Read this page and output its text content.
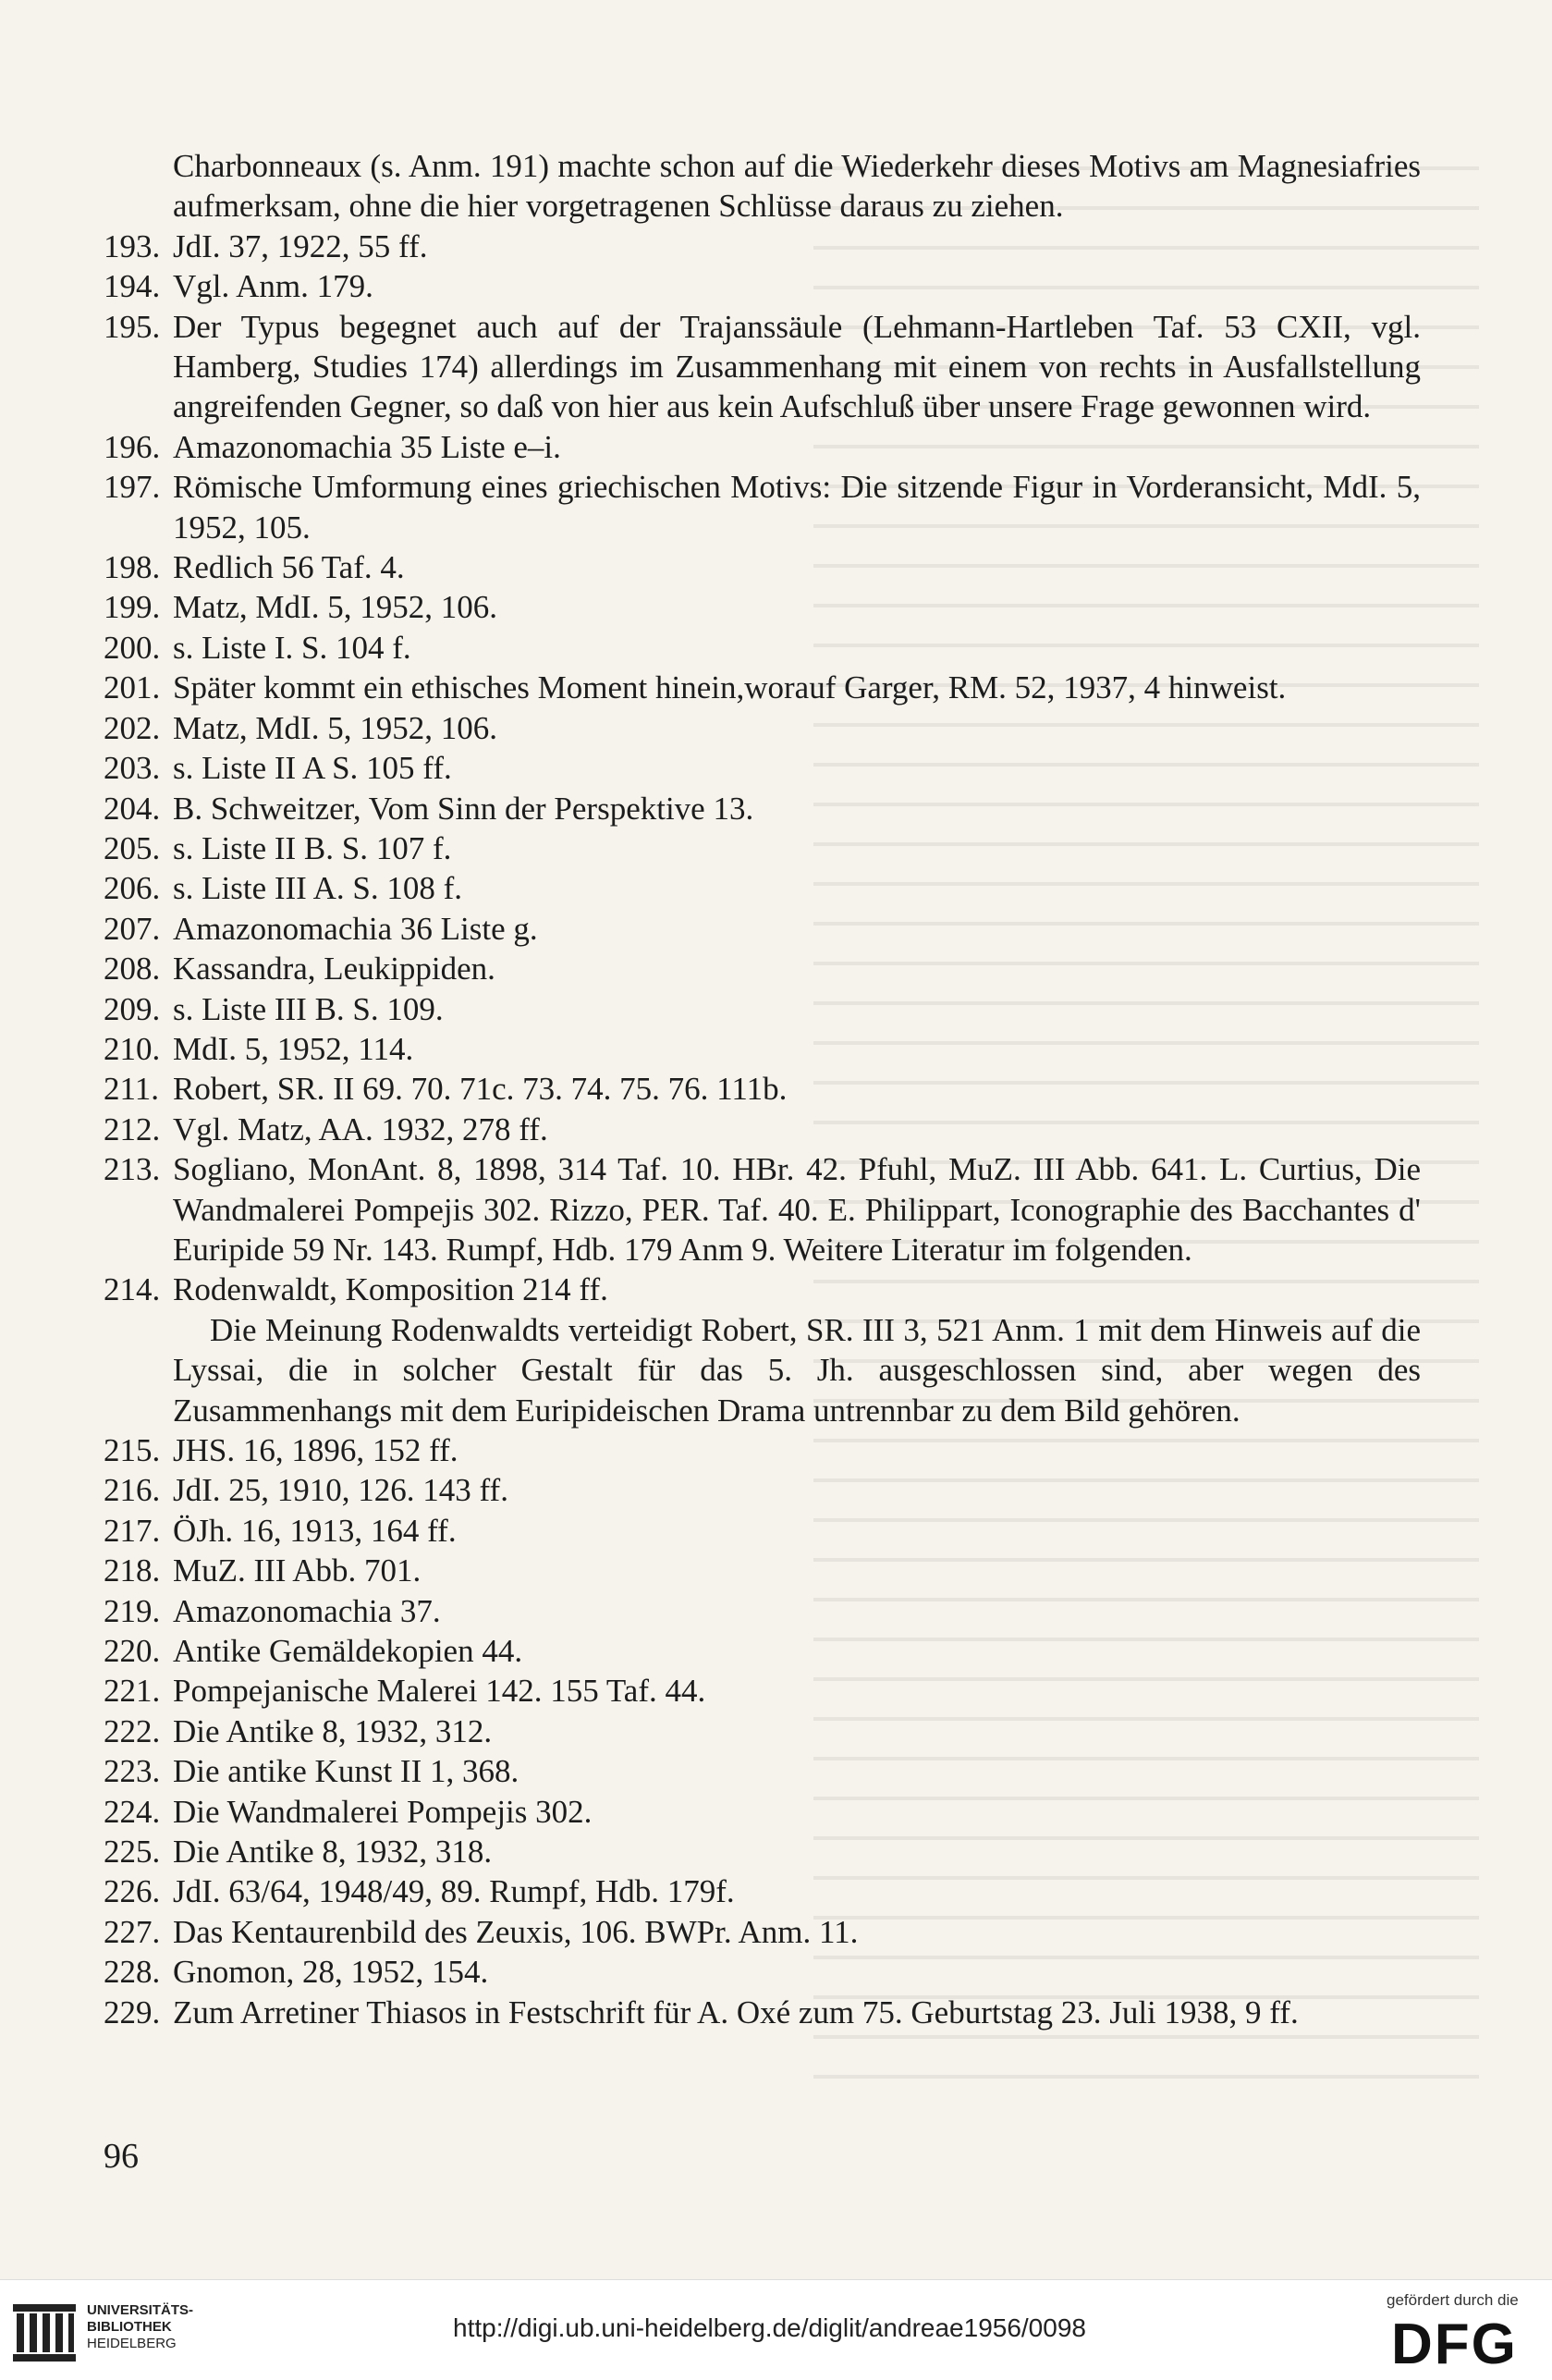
Charbonneaux (s. Anm. 191) machte schon auf die Wiederkehr dieses Motivs am Magnesiafries aufmerksam, ohne die hier vorgetragenen Schlüsse daraus zu ziehen.
193. JdI. 37, 1922, 55 ff.
194. Vgl. Anm. 179.
195. Der Typus begegnet auch auf der Trajanssäule (Lehmann-Hartleben Taf. 53 CXII, vgl. Hamberg, Studies 174) allerdings im Zusammenhang mit einem von rechts in Ausfallstellung angreifenden Gegner, so daß von hier aus kein Aufschluß über unsere Frage gewonnen wird.
196. Amazonomachia 35 Liste e–i.
197. Römische Umformung eines griechischen Motivs: Die sitzende Figur in Vorderansicht, MdI. 5, 1952, 105.
198. Redlich 56 Taf. 4.
199. Matz, MdI. 5, 1952, 106.
200. s. Liste I. S. 104 f.
201. Später kommt ein ethisches Moment hinein,worauf Garger, RM. 52, 1937, 4 hinweist.
202. Matz, MdI. 5, 1952, 106.
203. s. Liste II A S. 105 ff.
204. B. Schweitzer, Vom Sinn der Perspektive 13.
205. s. Liste II B. S. 107 f.
206. s. Liste III A. S. 108 f.
207. Amazonomachia 36 Liste g.
208. Kassandra, Leukippiden.
209. s. Liste III B. S. 109.
210. MdI. 5, 1952, 114.
211. Robert, SR. II 69. 70. 71c. 73. 74. 75. 76. 111b.
212. Vgl. Matz, AA. 1932, 278 ff.
213. Sogliano, MonAnt. 8, 1898, 314 Taf. 10. HBr. 42. Pfuhl, MuZ. III Abb. 641. L. Curtius, Die Wandmalerei Pompejis 302. Rizzo, PER. Taf. 40. E. Philippart, Iconographie des Bacchantes d' Euripide 59 Nr. 143. Rumpf, Hdb. 179 Anm 9. Weitere Literatur im folgenden.
214. Rodenwaldt, Komposition 214 ff.
Die Meinung Rodenwaldts verteidigt Robert, SR. III 3, 521 Anm. 1 mit dem Hinweis auf die Lyssai, die in solcher Gestalt für das 5. Jh. ausgeschlossen sind, aber wegen des Zusammenhangs mit dem Euripideischen Drama untrennbar zu dem Bild gehören.
215. JHS. 16, 1896, 152 ff.
216. JdI. 25, 1910, 126. 143 ff.
217. ÖJh. 16, 1913, 164 ff.
218. MuZ. III Abb. 701.
219. Amazonomachia 37.
220. Antike Gemäldekopien 44.
221. Pompejanische Malerei 142. 155 Taf. 44.
222. Die Antike 8, 1932, 312.
223. Die antike Kunst II 1, 368.
224. Die Wandmalerei Pompejis 302.
225. Die Antike 8, 1932, 318.
226. JdI. 63/64, 1948/49, 89. Rumpf, Hdb. 179f.
227. Das Kentaurenbild des Zeuxis, 106. BWPr. Anm. 11.
228. Gnomon, 28, 1952, 154.
229. Zum Arretiner Thiasos in Festschrift für A. Oxé zum 75. Geburtstag 23. Juli 1938, 9 ff.
96
UNIVERSITÄTS-
BIBLIOTHEK
HEIDELBERG
http://digi.ub.uni-heidelberg.de/diglit/andreae1956/0098
gefördert durch die
DFG
